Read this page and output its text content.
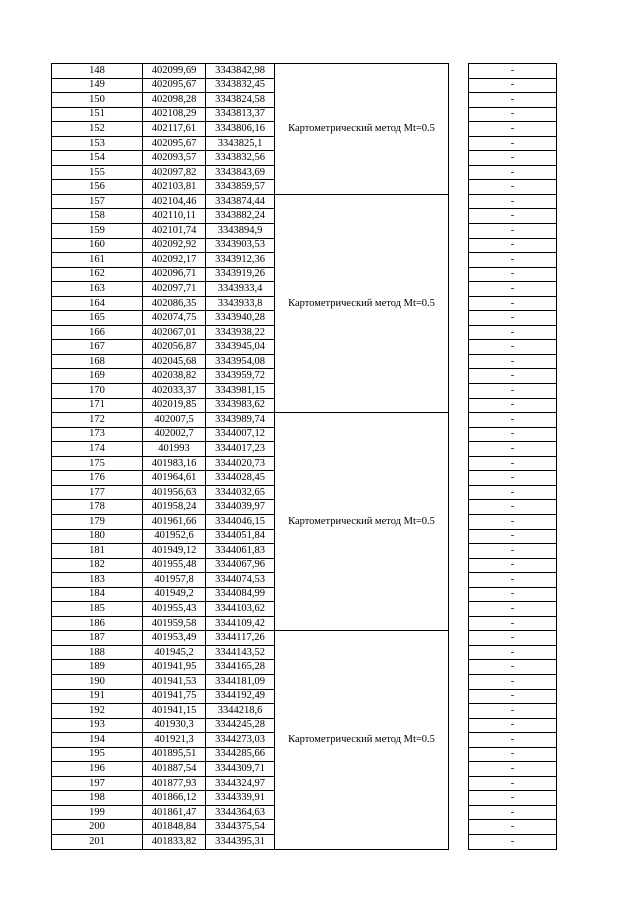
148	402099,69	3343842,98	Картометрический метод Mt=0.5		-
149	402095,67	3343832,45			-
150	402098,28	3343824,58			-
151	402108,29	3343813,37			-
152	402117,61	3343806,16			-
153	402095,67	3343825,1			-
154	402093,57	3343832,56			-
155	402097,82	3343843,69			-
156	402103,81	3343859,57			-
157	402104,46	3343874,44	Картометрический метод Mt=0.5		-
158	402110,11	3343882,24			-
159	402101,74	3343894,9			-
160	402092,92	3343903,53			-
161	402092,17	3343912,36			-
162	402096,71	3343919,26			-
163	402097,71	3343933,4			-
164	402086,35	3343933,8			-
165	402074,75	3343940,28			-
166	402067,01	3343938,22			-
167	402056,87	3343945,04			-
168	402045,68	3343954,08			-
169	402038,82	3343959,72			-
170	402033,37	3343981,15			-
171	402019,85	3343983,62			-
172	402007,5	3343989,74	Картометрический метод Mt=0.5		-
173	402002,7	3344007,12			-
174	401993	3344017,23			-
175	401983,16	3344020,73			-
176	401964,61	3344028,45			-
177	401956,63	3344032,65			-
178	401958,24	3344039,97			-
179	401961,66	3344046,15			-
180	401952,6	3344051,84			-
181	401949,12	3344061,83			-
182	401955,48	3344067,96			-
183	401957,8	3344074,53			-
184	401949,2	3344084,99			-
185	401955,43	3344103,62			-
186	401959,58	3344109,42			-
187	401953,49	3344117,26	Картометрический метод Mt=0.5		-
188	401945,2	3344143,52			-
189	401941,95	3344165,28			-
190	401941,53	3344181,09			-
191	401941,75	3344192,49			-
192	401941,15	3344218,6			-
193	401930,3	3344245,28			-
194	401921,3	3344273,03			-
195	401895,51	3344285,66			-
196	401887,54	3344309,71			-
197	401877,93	3344324,97			-
198	401866,12	3344339,91			-
199	401861,47	3344364,63			-
200	401848,84	3344375,54			-
201	401833,82	3344395,31			-
